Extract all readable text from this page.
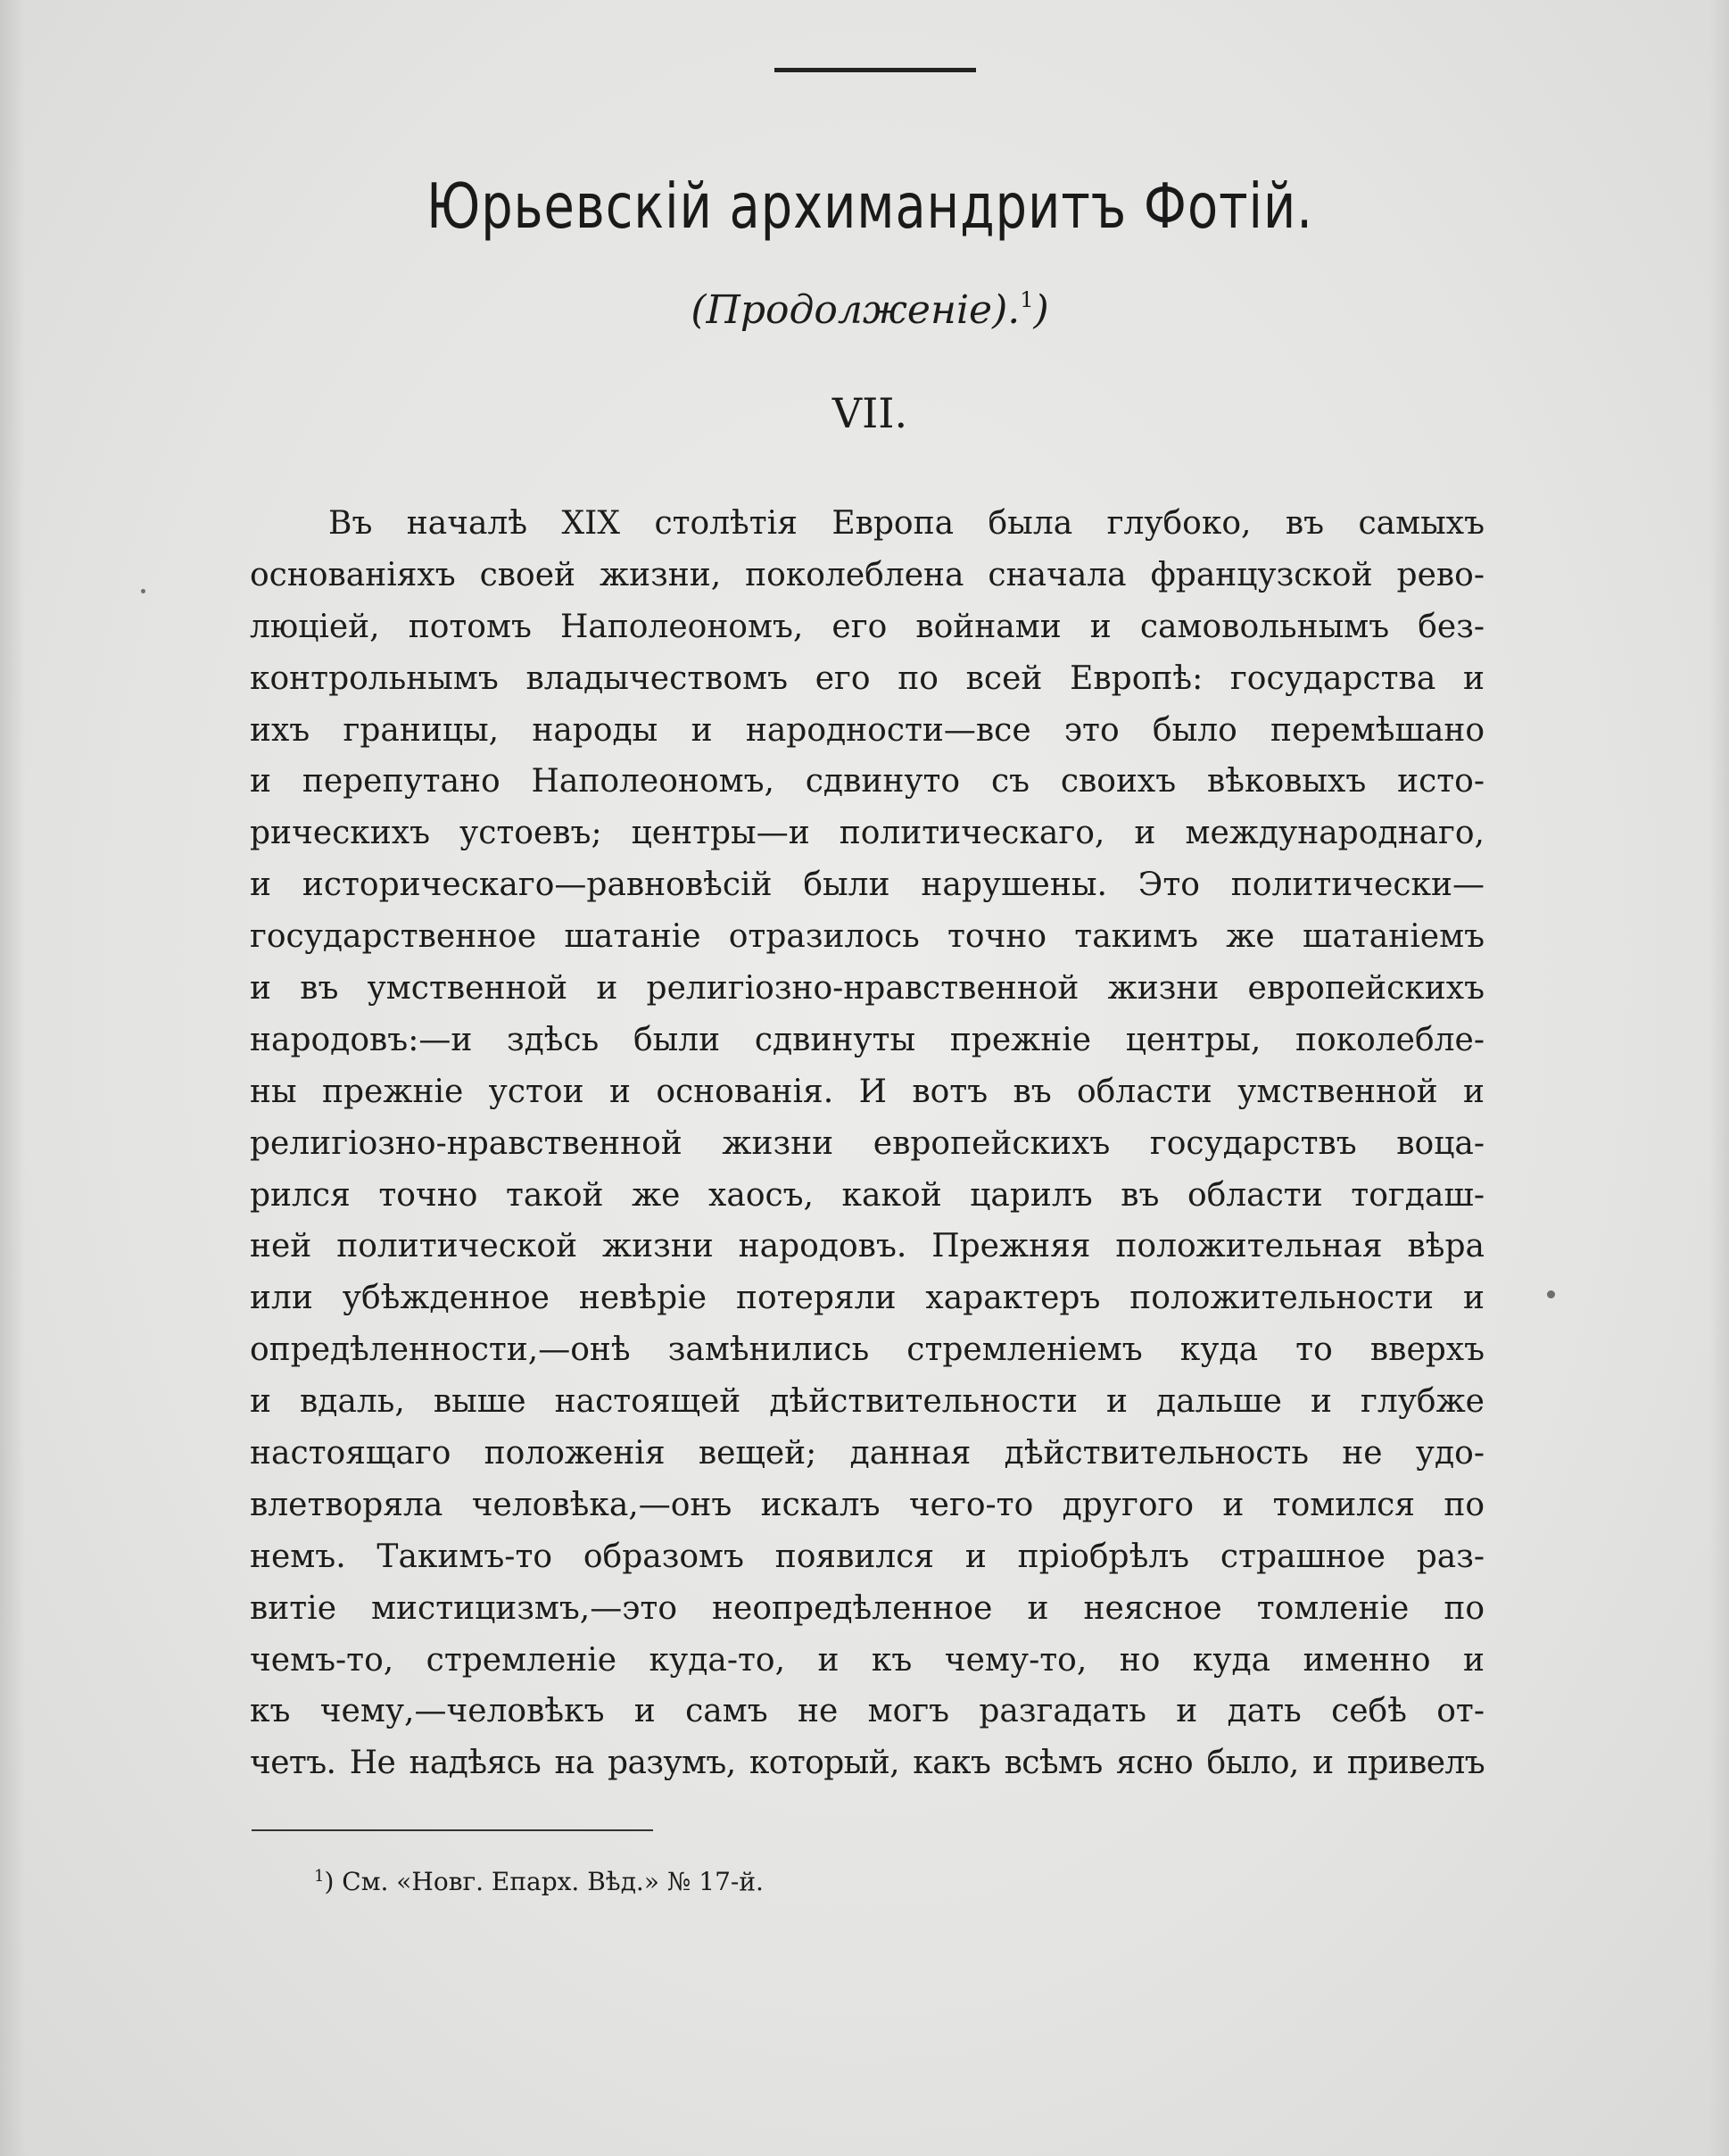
Юрьевскій архимандритъ Фотій.
(Продолженіе).$^1$)
VII.
Въ началѣ XIX столѣтія Европа была глубоко, въ самыхъ
основаніяхъ своей жизни, поколеблена сначала французской рево-
люціей, потомъ Наполеономъ, его войнами и самовольнымъ без-
контрольнымъ владычествомъ его по всей Европѣ: государства и
ихъ границы, народы и народности—все это было перемѣшано
и перепутано Наполеономъ, сдвинуто съ своихъ вѣковыхъ исто-
рическихъ устоевъ; центры—и политическаго, и международнаго,
и историческаго—равновѣсій были нарушены. Это политически—
государственное шатаніе отразилось точно такимъ же шатаніемъ
и въ умственной и религіозно-нравственной жизни европейскихъ
народовъ:—и здѣсь были сдвинуты прежніе центры, поколебле-
ны прежніе устои и основанія. И вотъ въ области умственной и
религіозно-нравственной жизни европейскихъ государствъ воца-
рился точно такой же хаосъ, какой царилъ въ области тогдаш-
ней политической жизни народовъ. Прежняя положительная вѣра
или убѣжденное невѣріе потеряли характеръ положительности и
опредѣленности,—онѣ замѣнились стремленіемъ куда то вверхъ
и вдаль, выше настоящей дѣйствительности и дальше и глубже
настоящаго положенія вещей; данная дѣйствительность не удо-
влетворяла человѣка,—онъ искалъ чего-то другого и томился по
немъ. Такимъ-то образомъ появился и пріобрѣлъ страшное раз-
витіе мистицизмъ,—это неопредѣленное и неясное томленіе по
чемъ-то, стремленіе куда-то, и къ чему-то, но куда именно и
къ чему,—человѣкъ и самъ не могъ разгадать и дать себѣ от-
четъ. Не надѣясь на разумъ, который, какъ всѣмъ ясно было, и привелъ
$^1$) См. «Новг. Епарх. Вѣд.» № 17-й.
